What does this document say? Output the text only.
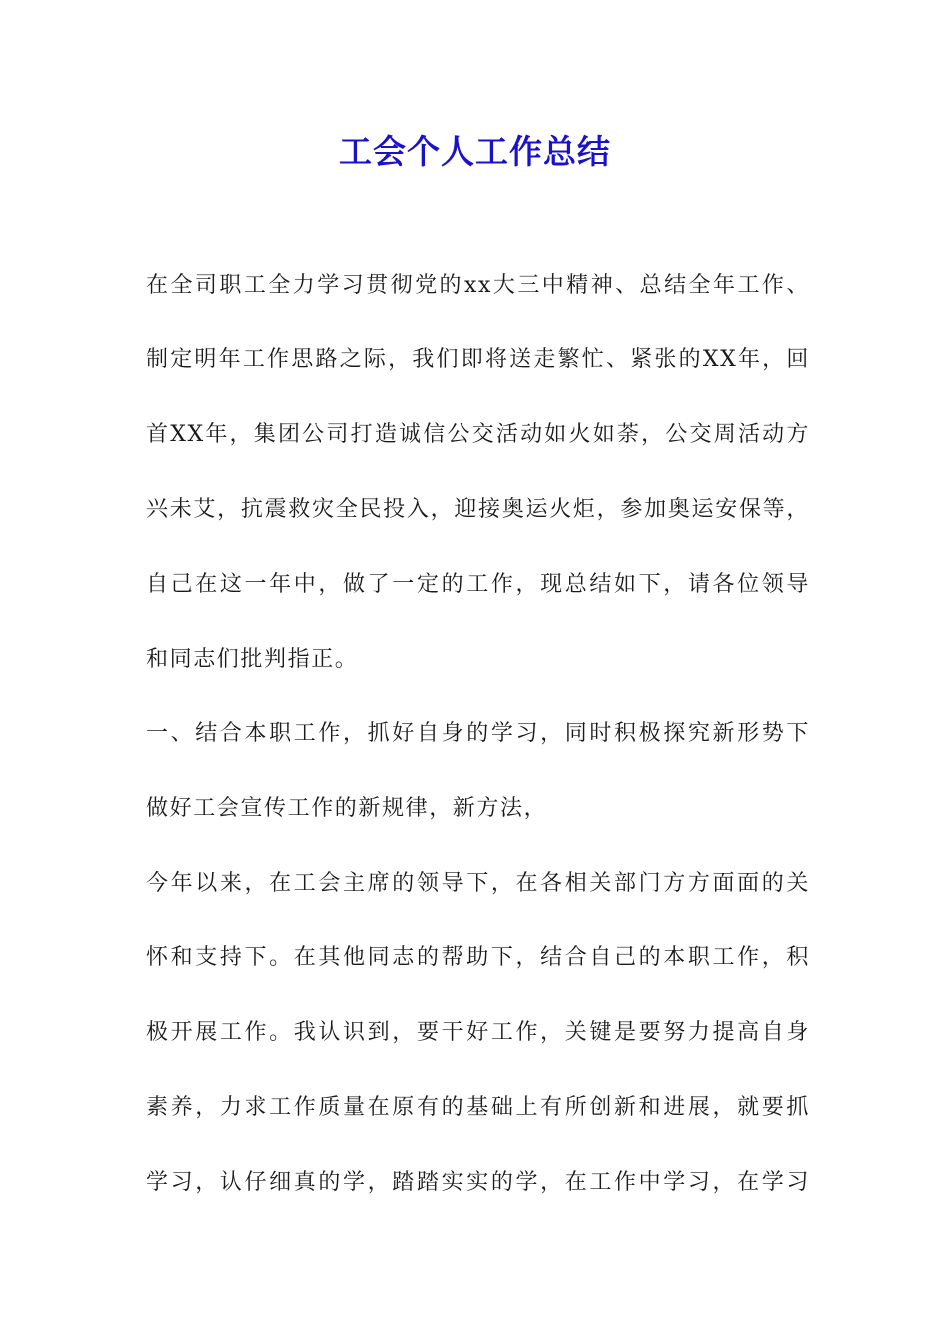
工会个人工作总结
在全司职工全力学习贯彻党的xx大三中精神、总结全年工作、
制定明年工作思路之际，我们即将送走繁忙、紧张的XX年，回
首XX年，集团公司打造诚信公交活动如火如荼，公交周活动方
兴未艾，抗震救灾全民投入，迎接奥运火炬，参加奥运安保等，
自己在这一年中，做了一定的工作，现总结如下，请各位领导
和同志们批判指正。
一、结合本职工作，抓好自身的学习，同时积极探究新形势下
做好工会宣传工作的新规律，新方法，
今年以来，在工会主席的领导下，在各相关部门方方面面的关
怀和支持下。在其他同志的帮助下，结合自己的本职工作，积
极开展工作。我认识到，要干好工作，关键是要努力提高自身
素养，力求工作质量在原有的基础上有所创新和进展，就要抓
学习，认仔细真的学，踏踏实实的学，在工作中学习，在学习
